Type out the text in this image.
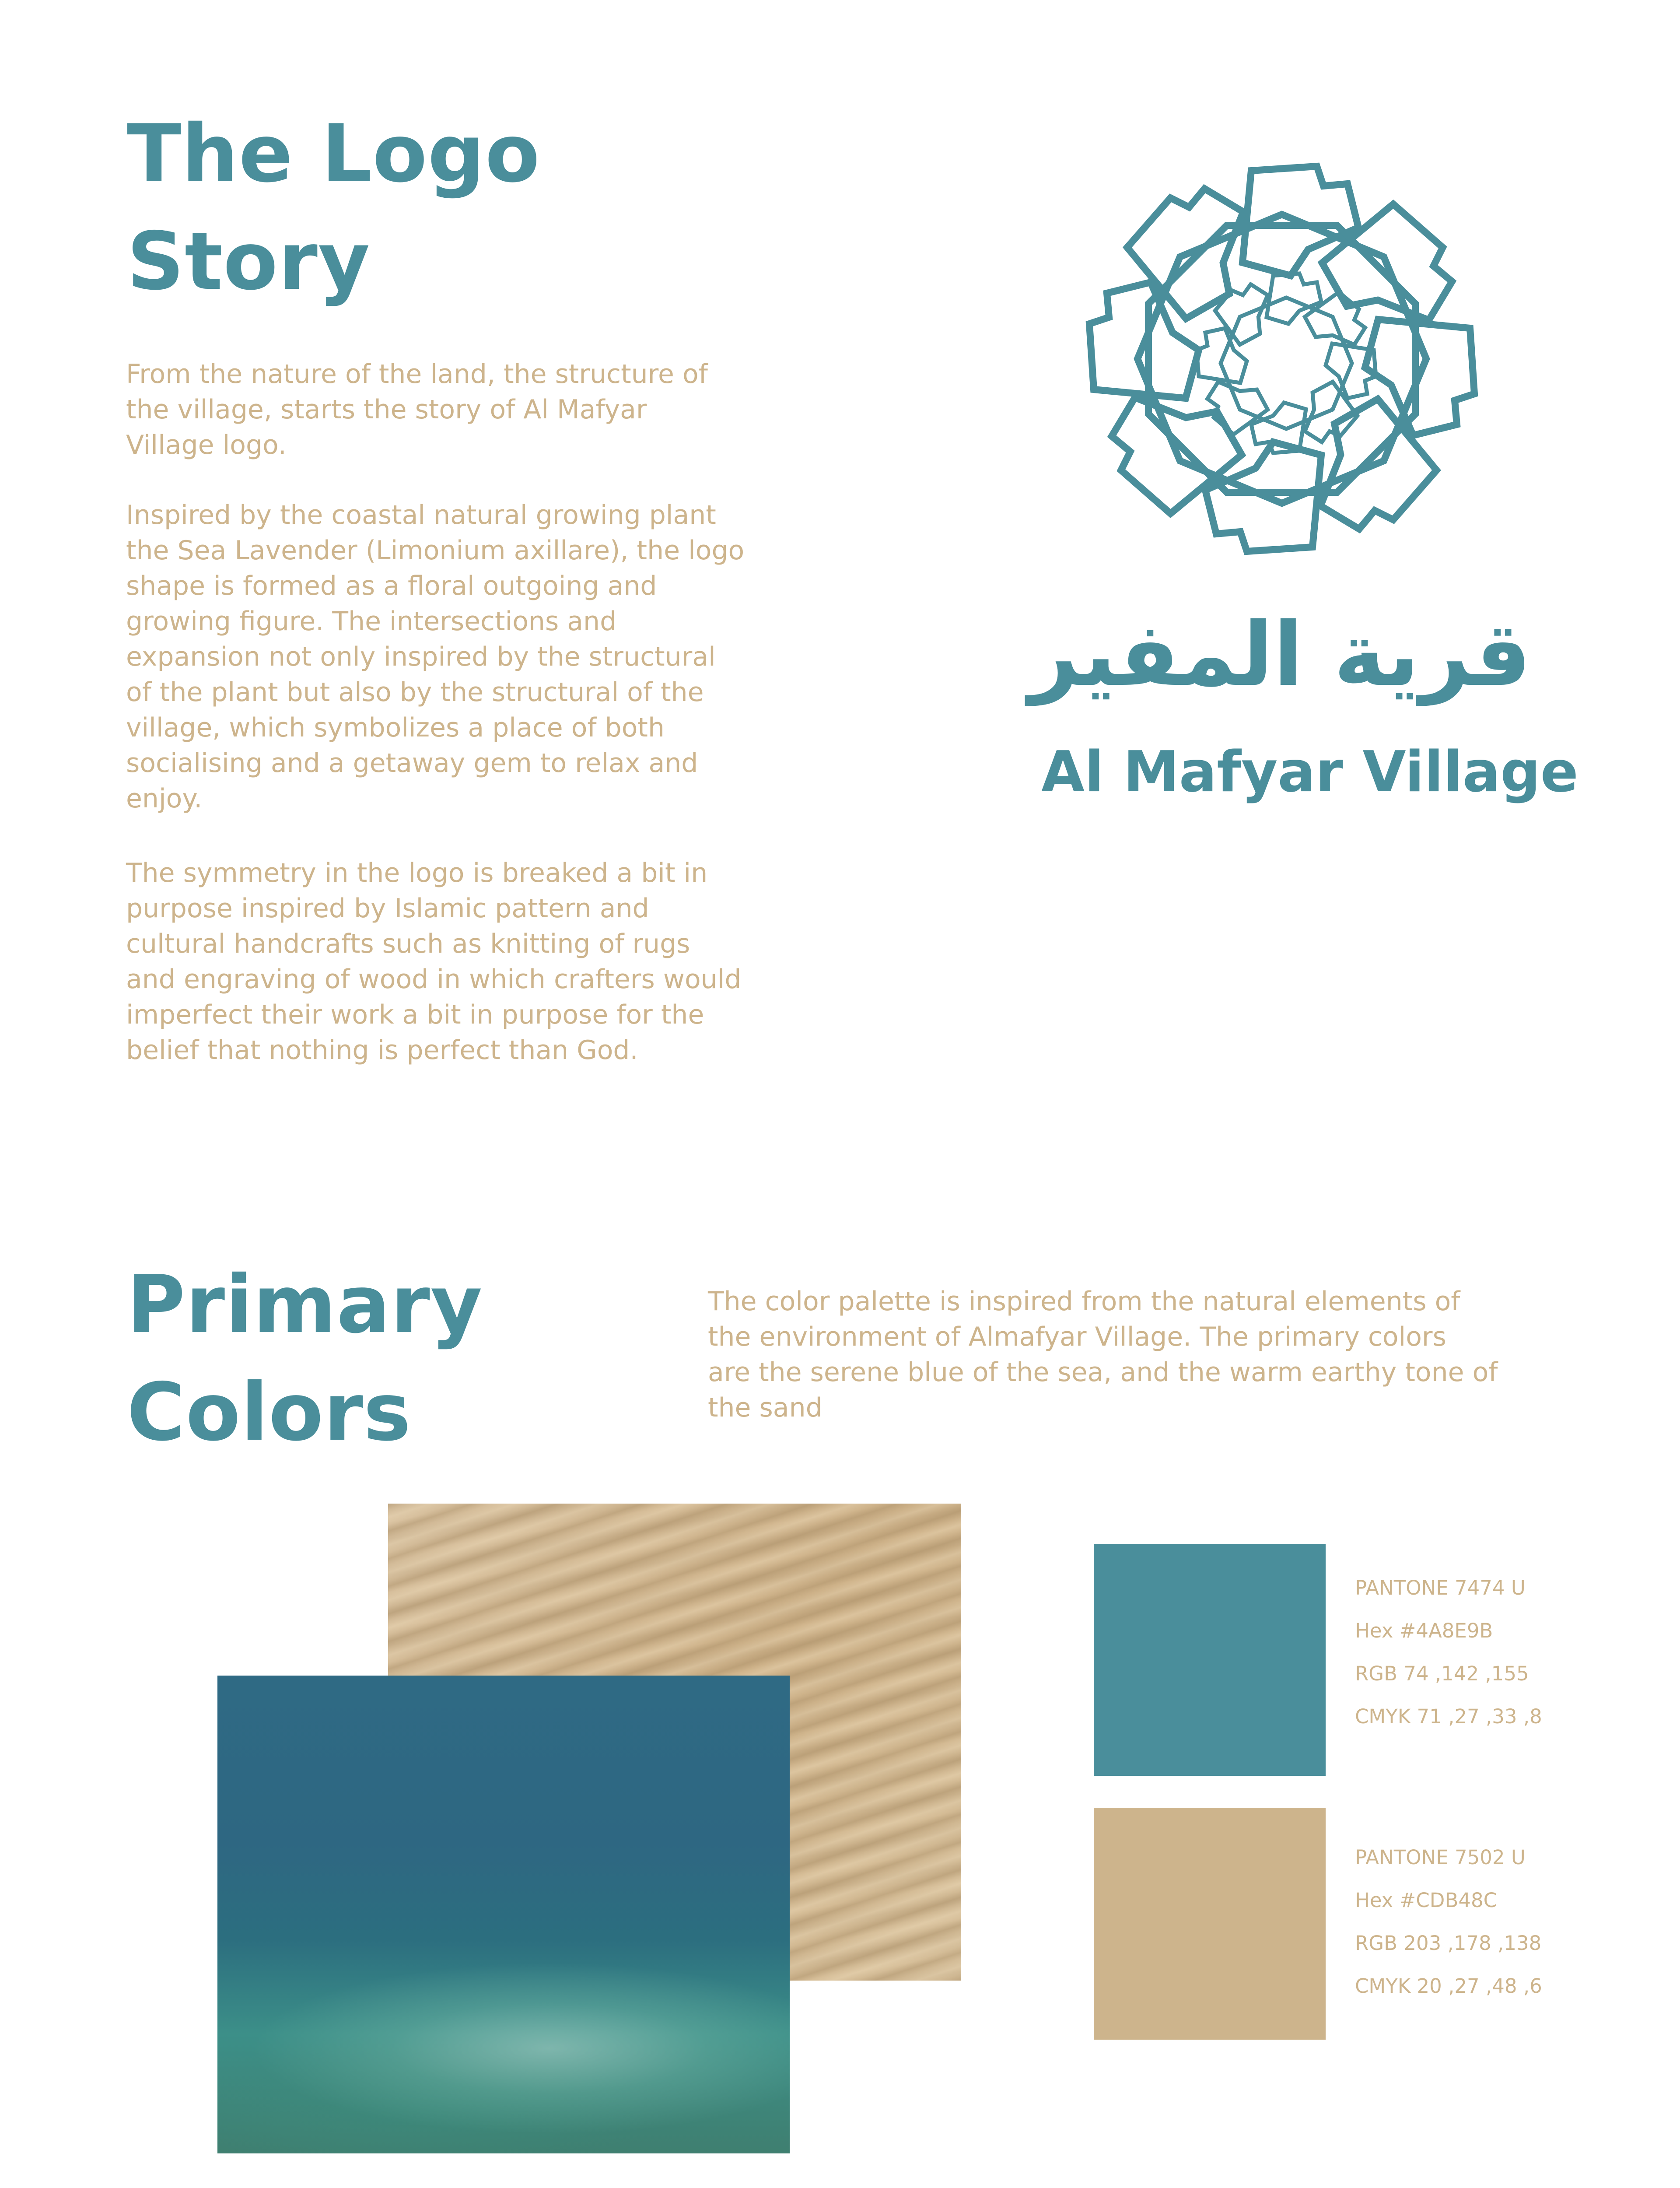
The Logo
Story

From the nature of the land, the structure of
the village, starts the story of Al Mafyar
Village logo.

Inspired by the coastal natural growing plant
the Sea Lavender (Limonium axillare), the logo
shape is formed as a floral outgoing and
growing figure. The intersections and
expansion not only inspired by the structural
of the plant but also by the structural of the
village, which symbolizes a place of both
socialising and a getaway gem to relax and
enjoy.

The symmetry in the logo is breaked a bit in
purpose inspired by Islamic pattern and
cultural handcrafts such as knitting of rugs
and engraving of wood in which crafters would
imperfect their work a bit in purpose for the
belief that nothing is perfect than God.

قرية المفير
Al Mafyar Village
Primary
Colors

The color palette is inspired from the natural elements of
the environment of Almafyar Village. The primary colors
are the serene blue of the sea, and the warm earthy tone of
the sand

PANTONE 7474 U
Hex #4A8E9B
RGB 74 ,142 ,155
CMYK 71 ,27 ,33 ,8
PANTONE 7502 U
Hex #CDB48C
RGB 203 ,178 ,138
CMYK 20 ,27 ,48 ,6
